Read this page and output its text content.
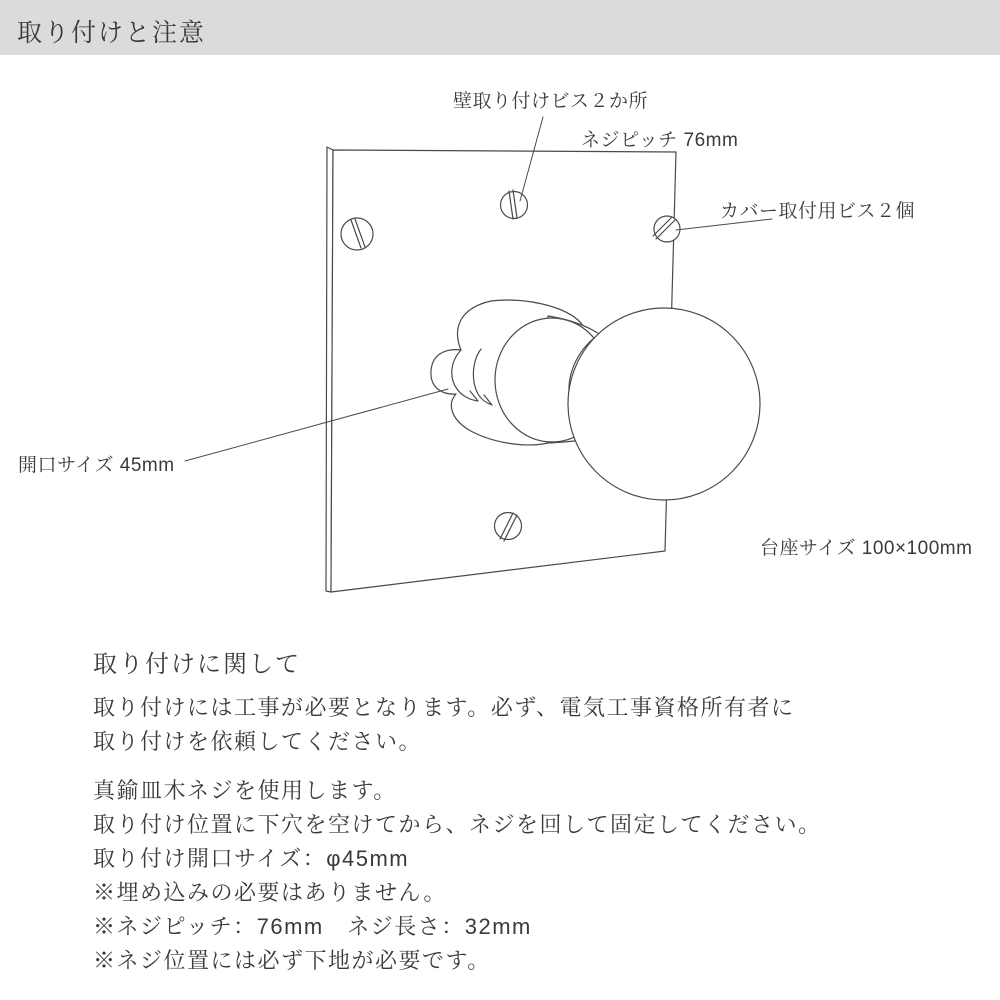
取り付けと注意
壁取り付けビス２か所
ネジピッチ 76mm
カバー取付用ビス２個
開口サイズ 45mm
台座サイズ 100×100mm
取り付けに関して
取り付けには工事が必要となります。必ず、電気工事資格所有者に
取り付けを依頼してください。
真鍮皿木ネジを使用します。
取り付け位置に下穴を空けてから、ネジを回して固定してください。
取り付け開口サイズ：φ45mm
※埋め込みの必要はありません。
※ネジピッチ：76mm　ネジ長さ：32mm
※ネジ位置には必ず下地が必要です。
